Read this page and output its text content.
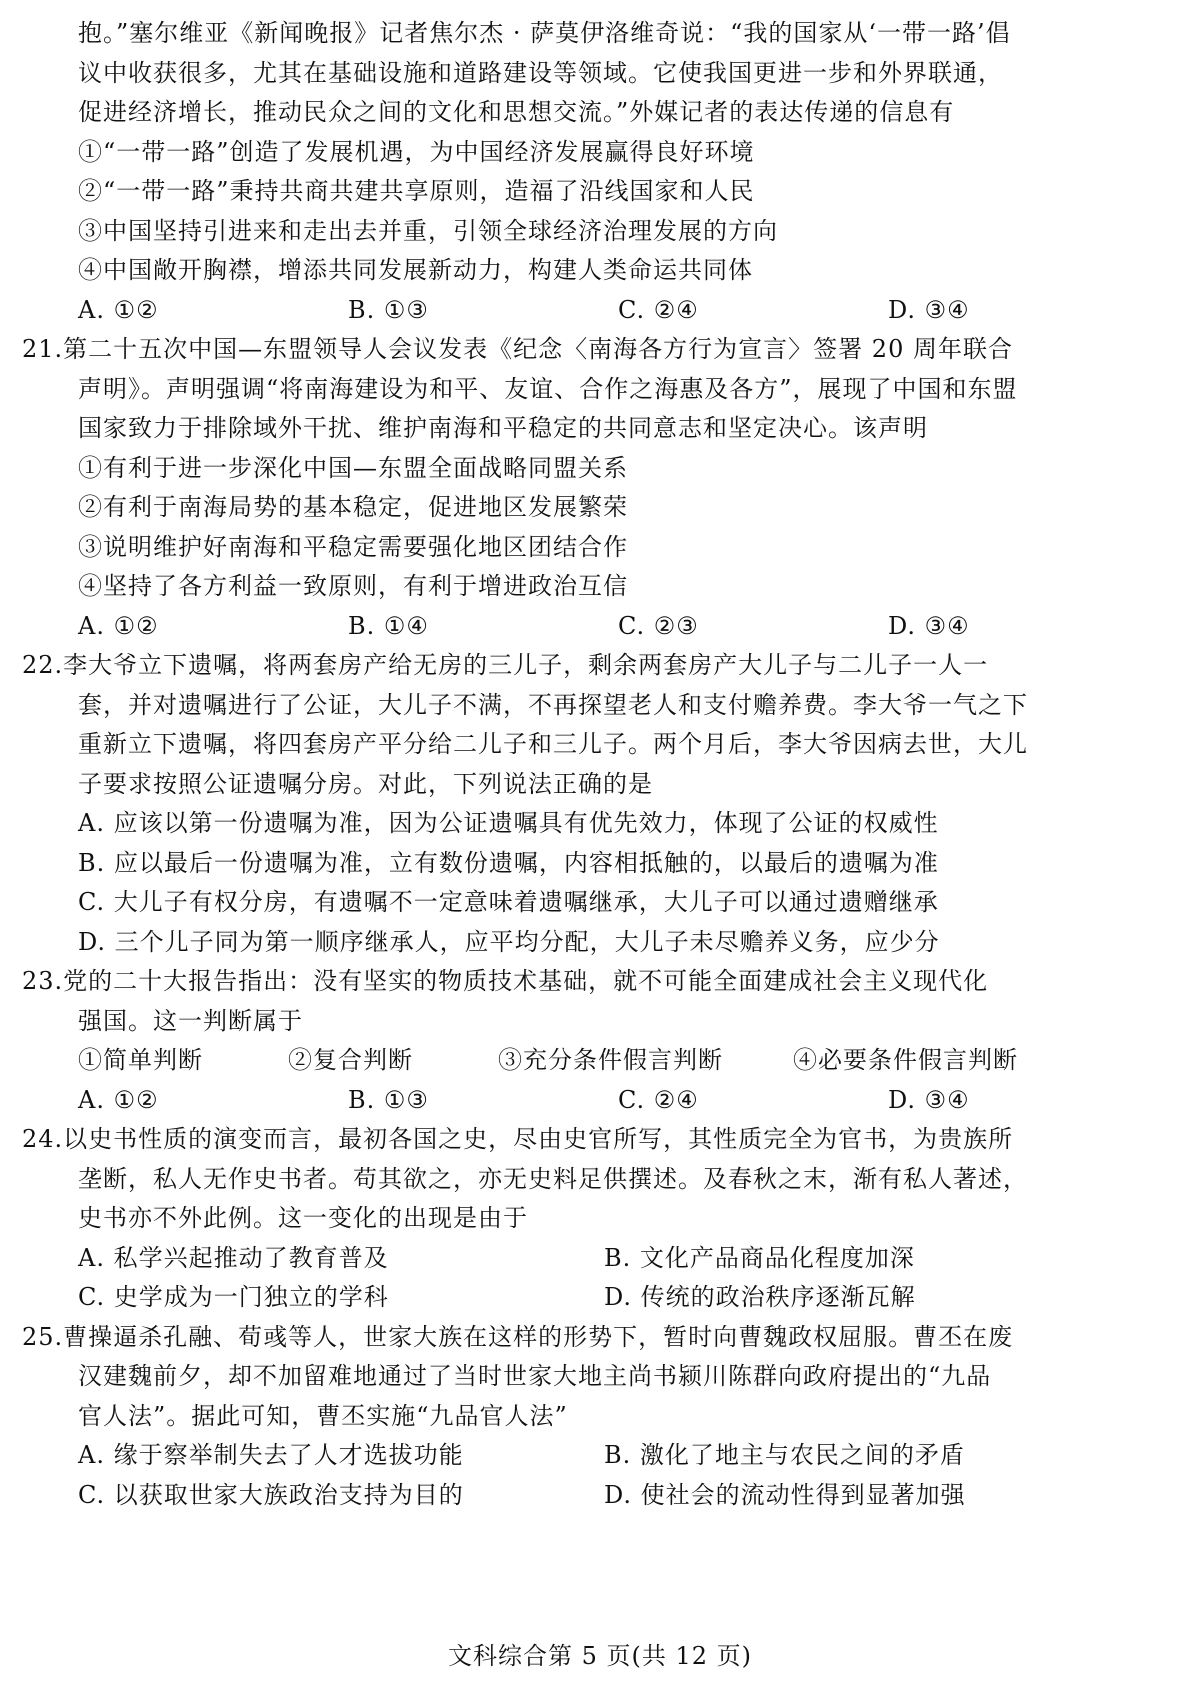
抱。”塞尔维亚《新闻晚报》记者焦尔杰 · 萨莫伊洛维奇说：“我的国家从‘一带一路’倡
议中收获很多，尤其在基础设施和道路建设等领域。它使我国更进一步和外界联通，
促进经济增长，推动民众之间的文化和思想交流。”外媒记者的表达传递的信息有
①“一带一路”创造了发展机遇，为中国经济发展赢得良好环境
②“一带一路”秉持共商共建共享原则，造福了沿线国家和人民
③中国坚持引进来和走出去并重，引领全球经济治理发展的方向
④中国敞开胸襟，增添共同发展新动力，构建人类命运共同体
A. ①②	B. ①③	C. ②④	D. ③④
21.第二十五次中国—东盟领导人会议发表《纪念〈南海各方行为宣言〉签署 20 周年联合
声明》。声明强调“将南海建设为和平、友谊、合作之海惠及各方”，展现了中国和东盟
国家致力于排除域外干扰、维护南海和平稳定的共同意志和坚定决心。该声明
①有利于进一步深化中国—东盟全面战略同盟关系
②有利于南海局势的基本稳定，促进地区发展繁荣
③说明维护好南海和平稳定需要强化地区团结合作
④坚持了各方利益一致原则，有利于增进政治互信
A. ①②	B. ①④	C. ②③	D. ③④
22.李大爷立下遗嘱，将两套房产给无房的三儿子，剩余两套房产大儿子与二儿子一人一
套，并对遗嘱进行了公证，大儿子不满，不再探望老人和支付赡养费。李大爷一气之下
重新立下遗嘱，将四套房产平分给二儿子和三儿子。两个月后，李大爷因病去世，大儿
子要求按照公证遗嘱分房。对此，下列说法正确的是
A. 应该以第一份遗嘱为准，因为公证遗嘱具有优先效力，体现了公证的权威性
B. 应以最后一份遗嘱为准，立有数份遗嘱，内容相抵触的，以最后的遗嘱为准
C. 大儿子有权分房，有遗嘱不一定意味着遗嘱继承，大儿子可以通过遗赠继承
D. 三个儿子同为第一顺序继承人，应平均分配，大儿子未尽赡养义务，应少分
23.党的二十大报告指出：没有坚实的物质技术基础，就不可能全面建成社会主义现代化
强国。这一判断属于
①简单判断	②复合判断	③充分条件假言判断	④必要条件假言判断
A. ①②	B. ①③	C. ②④	D. ③④
24.以史书性质的演变而言，最初各国之史，尽由史官所写，其性质完全为官书，为贵族所
垄断，私人无作史书者。苟其欲之，亦无史料足供撰述。及春秋之末，渐有私人著述，
史书亦不外此例。这一变化的出现是由于
A. 私学兴起推动了教育普及	B. 文化产品商品化程度加深
C. 史学成为一门独立的学科	D. 传统的政治秩序逐渐瓦解
25.曹操逼杀孔融、荀彧等人，世家大族在这样的形势下，暂时向曹魏政权屈服。曹丕在废
汉建魏前夕，却不加留难地通过了当时世家大地主尚书颍川陈群向政府提出的“九品
官人法”。据此可知，曹丕实施“九品官人法”
A. 缘于察举制失去了人才选拔功能	B. 激化了地主与农民之间的矛盾
C. 以获取世家大族政治支持为目的	D. 使社会的流动性得到显著加强
文科综合第 5 页(共 12 页)
